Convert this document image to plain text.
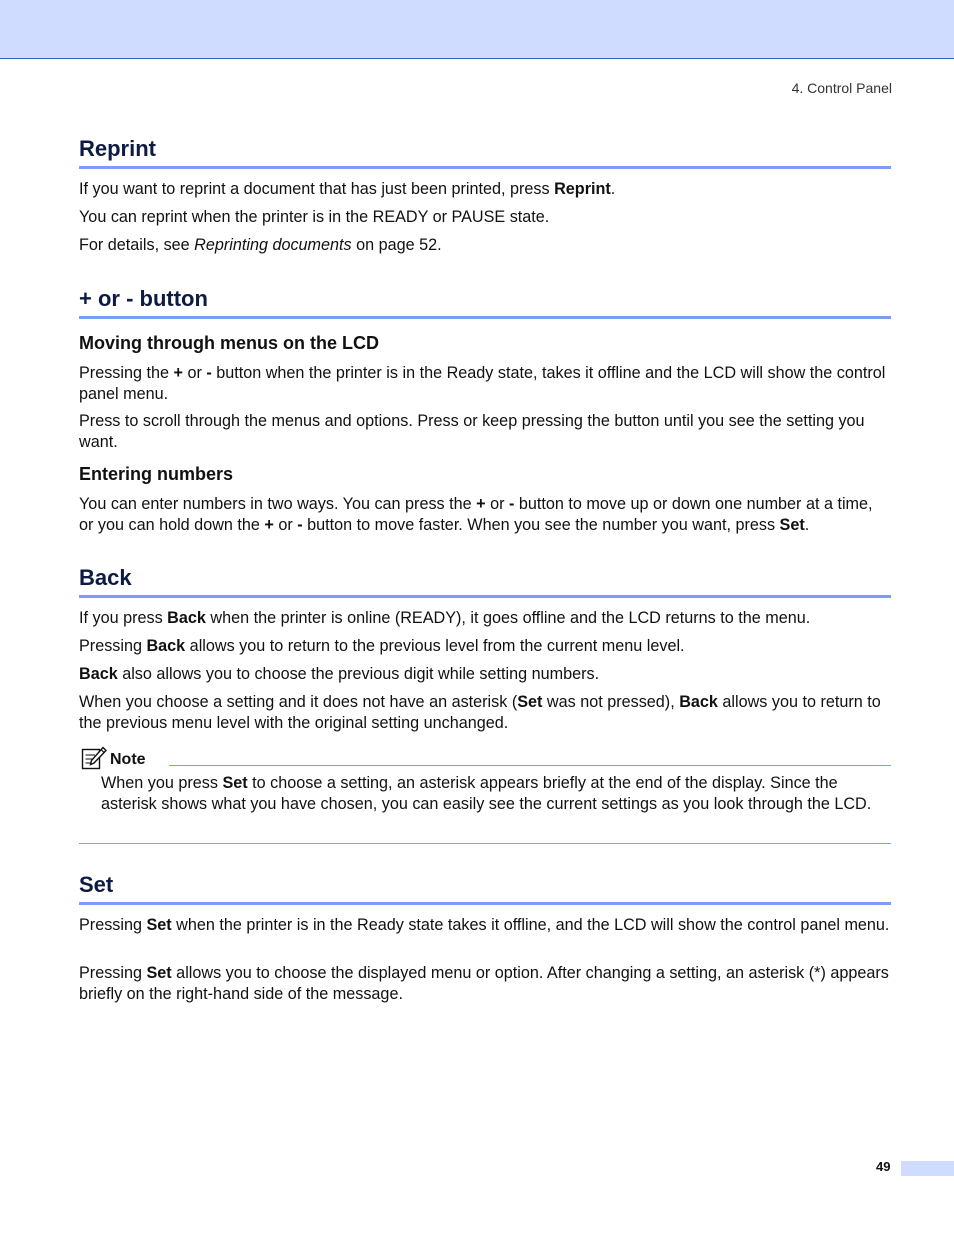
4. Control Panel
Reprint

If you want to reprint a document that has just been printed, press Reprint.

You can reprint when the printer is in the READY or PAUSE state.

For details, see Reprinting documents on page 52.

+ or - button
Moving through menus on the LCD

Pressing the + or - button when the printer is in the Ready state, takes it offline and the LCD will show the control panel menu.

Press to scroll through the menus and options. Press or keep pressing the button until you see the setting you want.

Entering numbers

You can enter numbers in two ways. You can press the + or - button to move up or down one number at a time, or you can hold down the + or - button to move faster. When you see the number you want, press Set.

Back

If you press Back when the printer is online (READY), it goes offline and the LCD returns to the menu.

Pressing Back allows you to return to the previous level from the current menu level.

Back also allows you to choose the previous digit while setting numbers.

When you choose a setting and it does not have an asterisk (Set was not pressed), Back allows you to return to the previous menu level with the original setting unchanged.

Note
When you press Set to choose a setting, an asterisk appears briefly at the end of the display. Since the asterisk shows what you have chosen, you can easily see the current settings as you look through the LCD.
Set

Pressing Set when the printer is in the Ready state takes it offline, and the LCD will show the control panel menu.

Pressing Set allows you to choose the displayed menu or option. After changing a setting, an asterisk (*) appears briefly on the right-hand side of the message.

49
